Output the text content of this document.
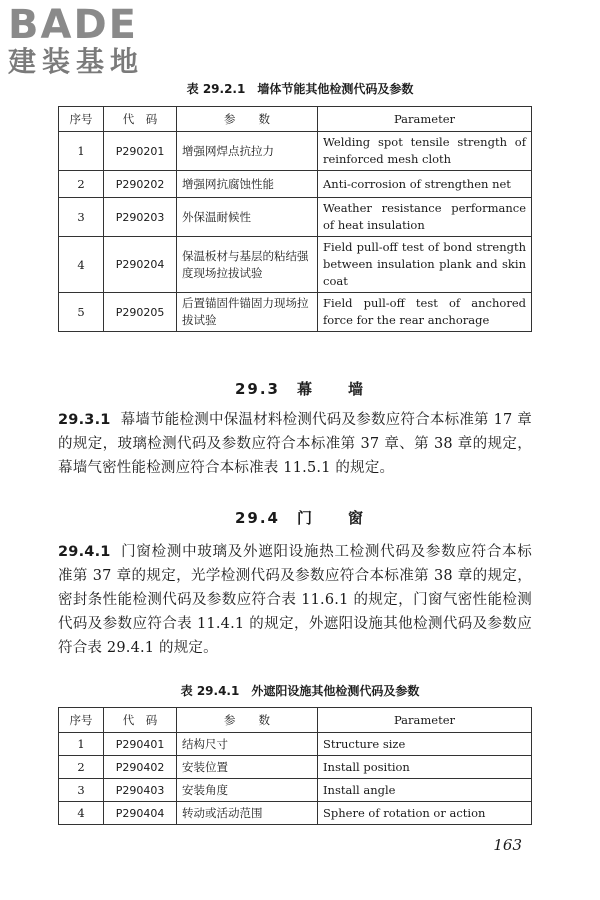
BADE
建装基地
表 29.2.1　墙体节能其他检测代码及参数
序号	代　码	参　　数	Parameter
1	P290201	增强网焊点抗拉力	Welding spot tensile strength of reinforced mesh cloth
2	P290202	增强网抗腐蚀性能	Anti-corrosion of strengthen net
3	P290203	外保温耐候性	Weather resistance performance of heat insulation
4	P290204	保温板材与基层的粘结强度现场拉拔试验	Field pull-off test of bond strength between insulation plank and skin coat
5	P290205	后置锚固件锚固力现场拉拔试验	Field pull-off test of anchored force for the rear anchorage
29.3　幕　　墙
29.3.1 幕墙节能检测中保温材料检测代码及参数应符合本标准第 17 章的规定，玻璃检测代码及参数应符合本标准第 37 章、第 38 章的规定，幕墙气密性能检测应符合本标准表 11.5.1 的规定。
29.4　门　　窗
29.4.1 门窗检测中玻璃及外遮阳设施热工检测代码及参数应符合本标准第 37 章的规定，光学检测代码及参数应符合本标准第 38 章的规定，密封条性能检测代码及参数应符合表 11.6.1 的规定，门窗气密性能检测代码及参数应符合表 11.4.1 的规定，外遮阳设施其他检测代码及参数应符合表 29.4.1 的规定。
表 29.4.1　外遮阳设施其他检测代码及参数
序号	代　码	参　　数	Parameter
1	P290401	结构尺寸	Structure size
2	P290402	安装位置	Install position
3	P290403	安装角度	Install angle
4	P290404	转动或活动范围	Sphere of rotation or action
163
